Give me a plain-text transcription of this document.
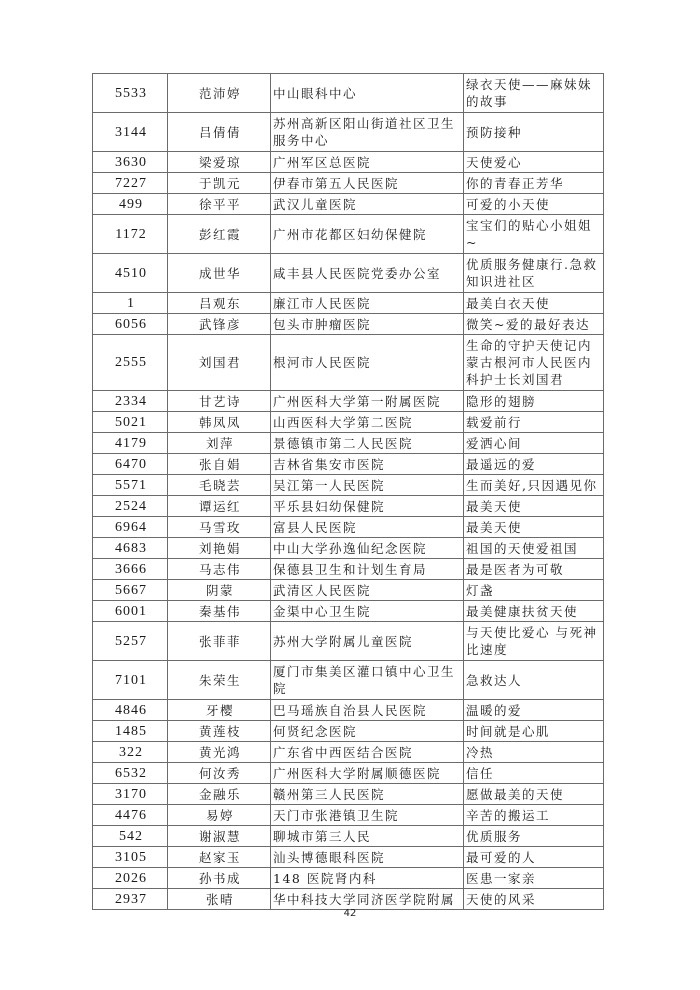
5533	范沛婷	中山眼科中心	绿衣天使——麻妹妹的故事
3144	吕倩倩	苏州高新区阳山街道社区卫生服务中心	预防接种
3630	梁爱琼	广州军区总医院	天使爱心
7227	于凯元	伊春市第五人民医院	你的青春正芳华
499	徐平平	武汉儿童医院	可爱的小天使
1172	彭红霞	广州市花都区妇幼保健院	宝宝们的贴心小姐姐~
4510	成世华	咸丰县人民医院党委办公室	优质服务健康行.急救知识进社区
1	吕观东	廉江市人民医院	最美白衣天使
6056	武锋彦	包头市肿瘤医院	微笑~爱的最好表达
2555	刘国君	根河市人民医院	生命的守护天使记内蒙古根河市人民医内科护士长刘国君
2334	甘艺诗	广州医科大学第一附属医院	隐形的翅膀
5021	韩凤凤	山西医科大学第二医院	载爱前行
4179	刘萍	景德镇市第二人民医院	爱洒心间
6470	张自娟	吉林省集安市医院	最遥远的爱
5571	毛晓芸	吴江第一人民医院	生而美好,只因遇见你
2524	谭运红	平乐县妇幼保健院	最美天使
6964	马雪玫	富县人民医院	最美天使
4683	刘艳娟	中山大学孙逸仙纪念医院	祖国的天使爱祖国
3666	马志伟	保德县卫生和计划生育局	最是医者为可敬
5667	阴蒙	武清区人民医院	灯盏
6001	秦基伟	金渠中心卫生院	最美健康扶贫天使
5257	张菲菲	苏州大学附属儿童医院	与天使比爱心 与死神比速度
7101	朱荣生	厦门市集美区灌口镇中心卫生院	急救达人
4846	牙樱	巴马瑶族自治县人民医院	温暖的爱
1485	黄莲枝	何贤纪念医院	时间就是心肌
322	黄光鸿	广东省中西医结合医院	冷热
6532	何汝秀	广州医科大学附属顺德医院	信任
3170	金融乐	赣州第三人民医院	愿做最美的天使
4476	易婷	天门市张港镇卫生院	辛苦的搬运工
542	谢淑慧	聊城市第三人民	优质服务
3105	赵家玉	汕头博德眼科医院	最可爱的人
2026	孙书成	148 医院肾内科	医患一家亲
2937	张晴	华中科技大学同济医学院附属	天使的风采
42
